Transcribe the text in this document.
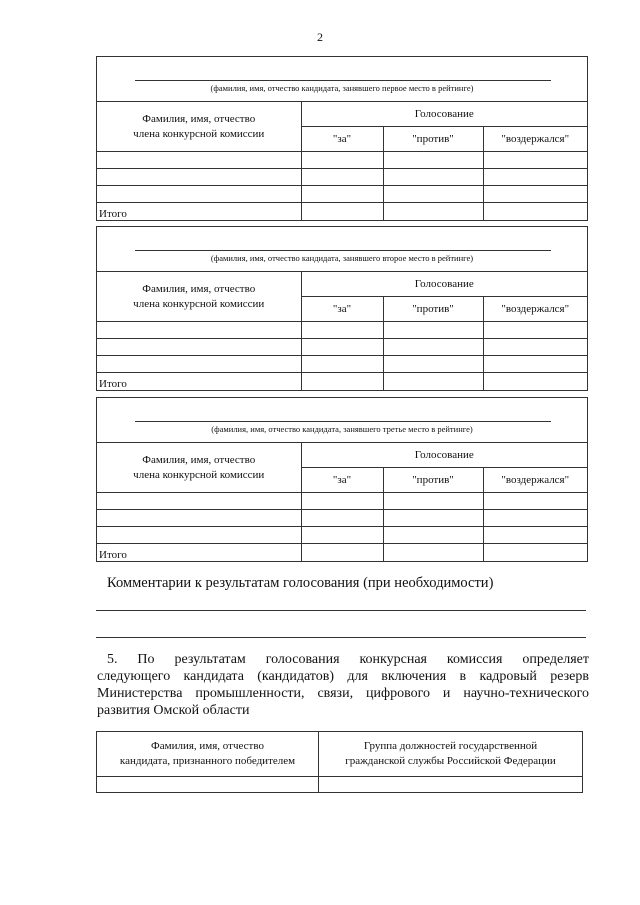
2
(фамилия, имя, отчество кандидата, занявшего первое место в рейтинге)
Фамилия, имя, отчество
члена конкурсной комиссии	Голосование		
	"за"	"против"	"воздержался"

Итого			
(фамилия, имя, отчество кандидата, занявшего второе место в рейтинге)
Фамилия, имя, отчество
члена конкурсной комиссии	Голосование		
	"за"	"против"	"воздержался"

Итого			
(фамилия, имя, отчество кандидата, занявшего третье место в рейтинге)
Фамилия, имя, отчество
члена конкурсной комиссии	Голосование		
	"за"	"против"	"воздержался"

Итого			
Комментарии к результатам голосования (при необходимости)
5. По результатам голосования конкурсная комиссия определяет
следующего кандидата (кандидатов) для включения в кадровый резерв
Министерства промышленности, связи, цифрового и научно-технического
развития Омской области
Фамилия, имя, отчество
кандидата, признанного победителем	Группа должностей государственной
гражданской службы Российской Федерации
